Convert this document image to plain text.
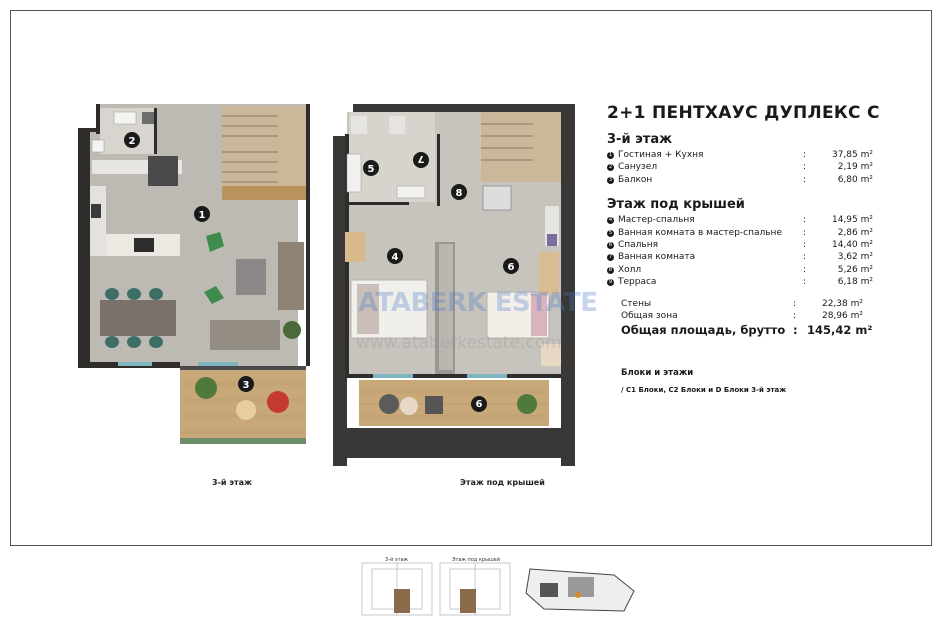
2
1
3
3-й этаж
5
7
8
4
6
9
Этаж под крышей
ATABERK ESTATE
www.ataberkestate.com
2+1 ПЕНТХАУС ДУПЛЕКС С
3-й этаж
1 Гостиная + Кухня	:	37,85 m²
2 Санузел	:	2,19 m²
3 Балкон	:	6,80 m²
Этаж под крышей
4 Мастер-спальня	:	14,95 m²
5 Ванная комната в мастер-спальне	:	2,86 m²
6 Спальня	:	14,40 m²
7 Ванная комната	:	3,62 m²
8 Холл	:	5,26 m²
9 Терраса	:	6,18 m²
Стены	:	22,38 m²
Общая зона	:	28,96 m²
Общая площадь, брутто : 145,42 m²
Блоки и этажи
/ C1 Блоки, C2 Блоки и D Блоки 3-й этаж
3-й этаж	Этаж под крышей
